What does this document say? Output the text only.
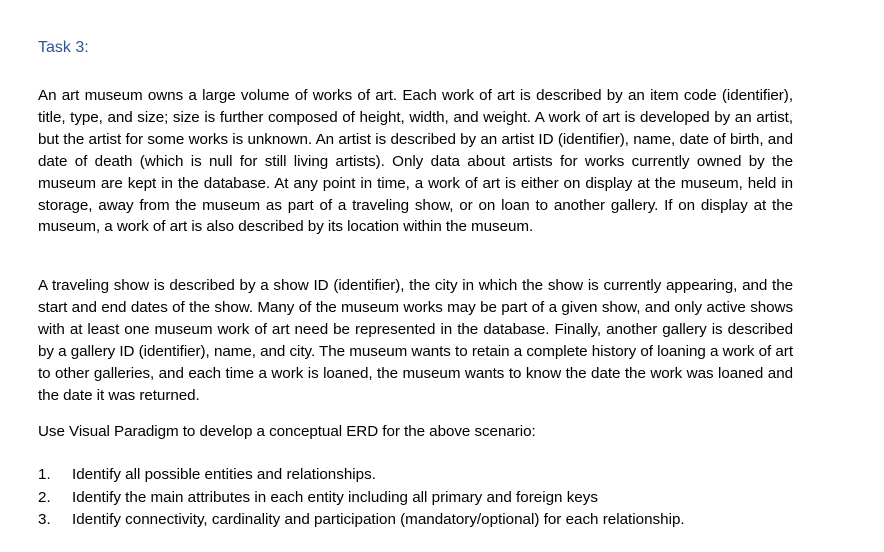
Task 3:

An art museum owns a large volume of works of art. Each work of art is described by an item code (identifier), title, type, and size; size is further composed of height, width, and weight. A work of art is developed by an artist, but the artist for some works is unknown. An artist is described by an artist ID (identifier), name, date of birth, and date of death (which is null for still living artists). Only data about artists for works currently owned by the museum are kept in the database. At any point in time, a work of art is either on display at the museum, held in storage, away from the museum as part of a traveling show, or on loan to another gallery. If on display at the museum, a work of art is also described by its location within the museum.

A traveling show is described by a show ID (identifier), the city in which the show is currently appearing, and the start and end dates of the show. Many of the museum works may be part of a given show, and only active shows with at least one museum work of art need be represented in the database. Finally, another gallery is described by a gallery ID (identifier), name, and city. The museum wants to retain a complete history of loaning a work of art to other galleries, and each time a work is loaned, the museum wants to know the date the work was loaned and the date it was returned.

Use Visual Paradigm to develop a conceptual ERD for the above scenario:

1. Identify all possible entities and relationships.
2. Identify the main attributes in each entity including all primary and foreign keys
3. Identify connectivity, cardinality and participation (mandatory/optional) for each relationship.
